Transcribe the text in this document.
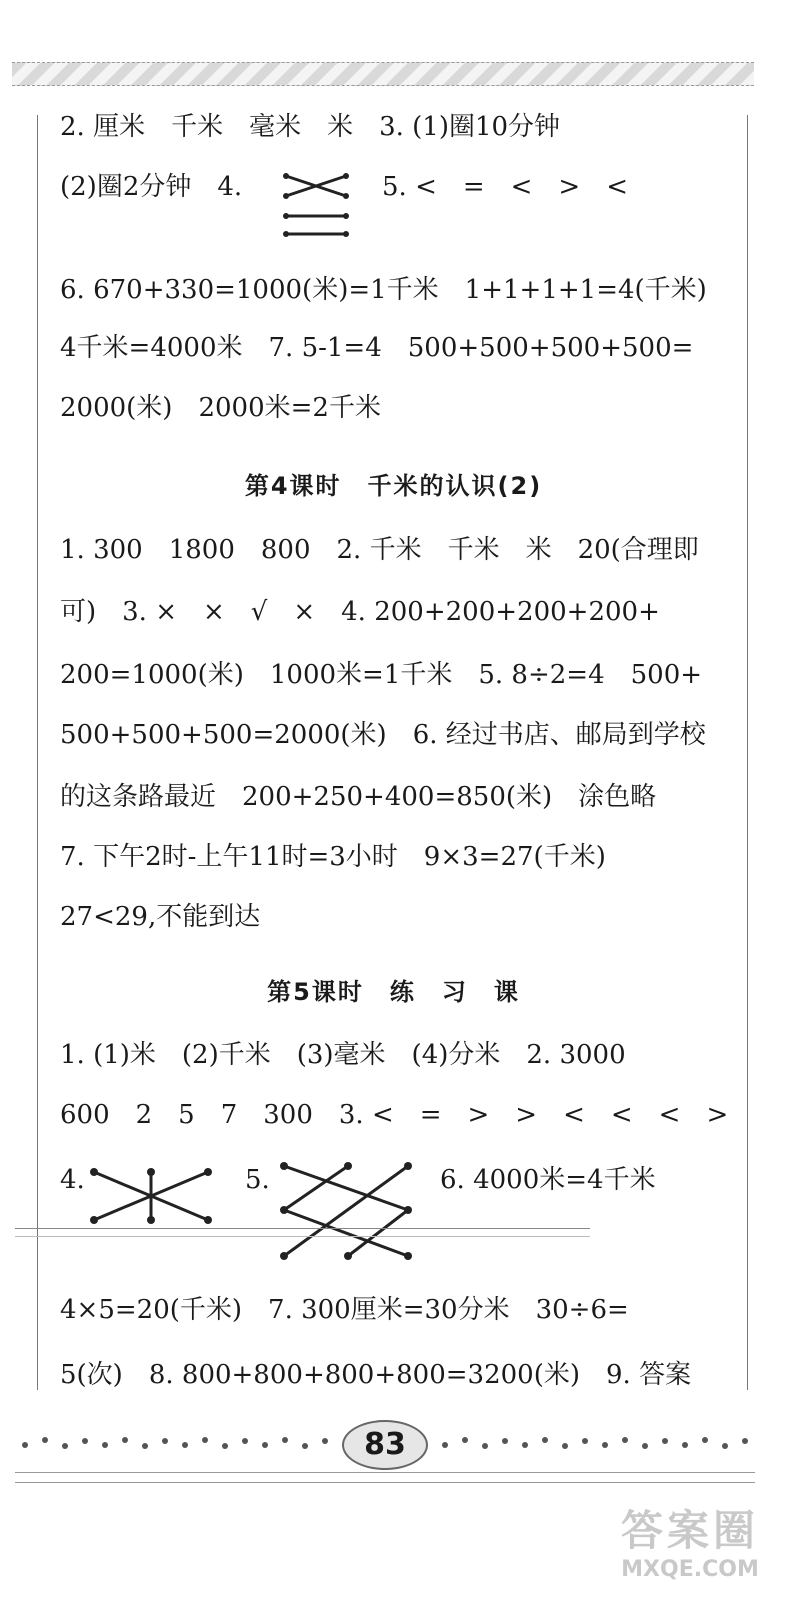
2. 厘米　千米　毫米　米　3. (1)圈10分钟
(2)圈2分钟　4.	5. <　=　<　>　<
6. 670+330=1000(米)=1千米　1+1+1+1=4(千米)
4千米=4000米　7. 5-1=4　500+500+500+500=
2000(米)　2000米=2千米
第4课时　千米的认识(2)
1. 300　1800　800　2. 千米　千米　米　20(合理即
可)　3. ×　×　√　×　4. 200+200+200+200+
200=1000(米)　1000米=1千米　5. 8÷2=4　500+
500+500+500=2000(米)　6. 经过书店、邮局到学校
的这条路最近　200+250+400=850(米)　涂色略
7. 下午2时-上午11时=3小时　9×3=27(千米)
27<29,不能到达
第5课时　练　习　课
1. (1)米　(2)千米　(3)毫米　(4)分米　2. 3000
600　2　5　7　300　3. <　=　>　>　<　<　<　>
4.	5.	6. 4000米=4千米
4×5=20(千米)　7. 300厘米=30分米　30÷6=
5(次)　8. 800+800+800+800=3200(米)　9. 答案
83
答案圈
MXQE.COM
